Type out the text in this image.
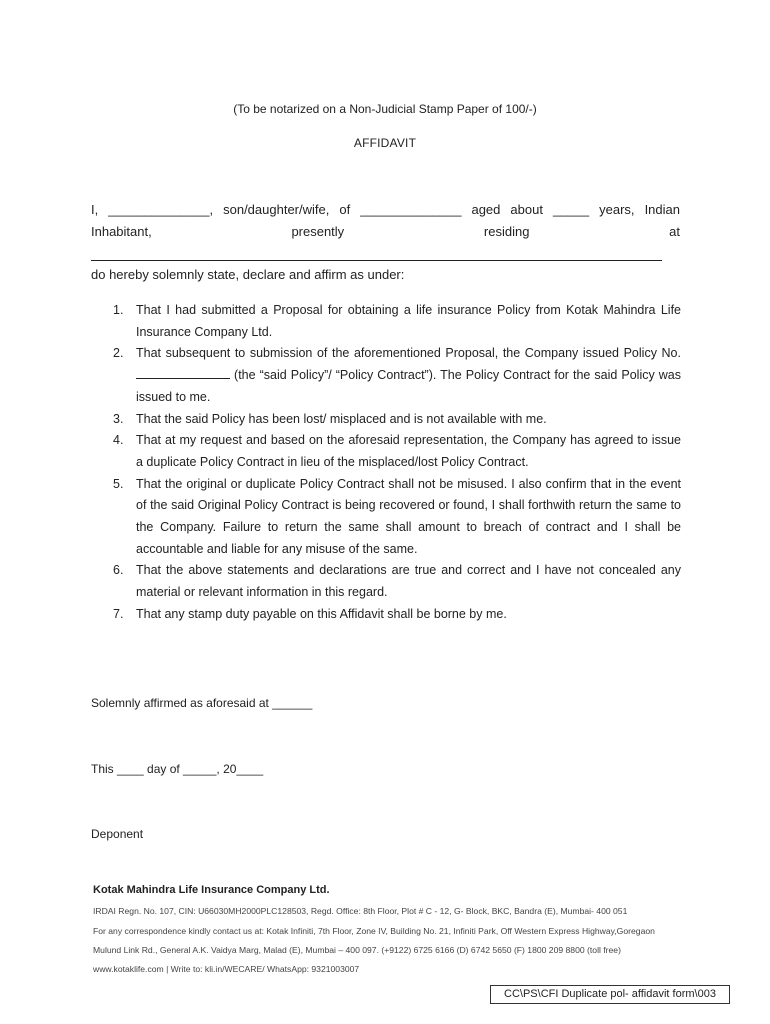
(To be notarized on a Non-Judicial Stamp Paper of 100/-)
AFFIDAVIT
I, ______________, son/daughter/wife, of ______________ aged about _____ years, Indian
Inhabitant,	presently	residing	at
do hereby solemnly state, declare and affirm as under:
1. That I had submitted a Proposal for obtaining a life insurance Policy from Kotak Mahindra Life Insurance Company Ltd.
2. That subsequent to submission of the aforementioned Proposal, the Company issued Policy No.  (the “said Policy”/ “Policy Contract”). The Policy Contract for the said Policy was issued to me.
3. That the said Policy has been lost/ misplaced and is not available with me.
4. That at my request and based on the aforesaid representation, the Company has agreed to issue a duplicate Policy Contract in lieu of the misplaced/lost Policy Contract.
5. That the original or duplicate Policy Contract shall not be misused. I also confirm that in the event of the said Original Policy Contract is being recovered or found, I shall forthwith return the same to the Company. Failure to return the same shall amount to breach of contract and I shall be accountable and liable for any misuse of the same.
6. That the above statements and declarations are true and correct and I have not concealed any material or relevant information in this regard.
7. That any stamp duty payable on this Affidavit shall be borne by me.
Solemnly affirmed as aforesaid at ______
This ____ day of _____, 20____
Deponent
Kotak Mahindra Life Insurance Company Ltd.
IRDAI Regn. No. 107, CIN: U66030MH2000PLC128503, Regd. Office: 8th Floor, Plot # C - 12, G- Block, BKC, Bandra (E), Mumbai- 400 051
For any correspondence kindly contact us at: Kotak Infiniti, 7th Floor, Zone IV, Building No. 21, Infiniti Park, Off Western Express Highway,Goregaon
Mulund Link Rd., General A.K. Vaidya Marg, Malad (E), Mumbai – 400 097. (+9122) 6725 6166 (D) 6742 5650 (F) 1800 209 8800 (toll free)
www.kotaklife.com | Write to: kli.in/WECARE/ WhatsApp: 9321003007
CC\PS\CFI Duplicate pol- affidavit form\003
